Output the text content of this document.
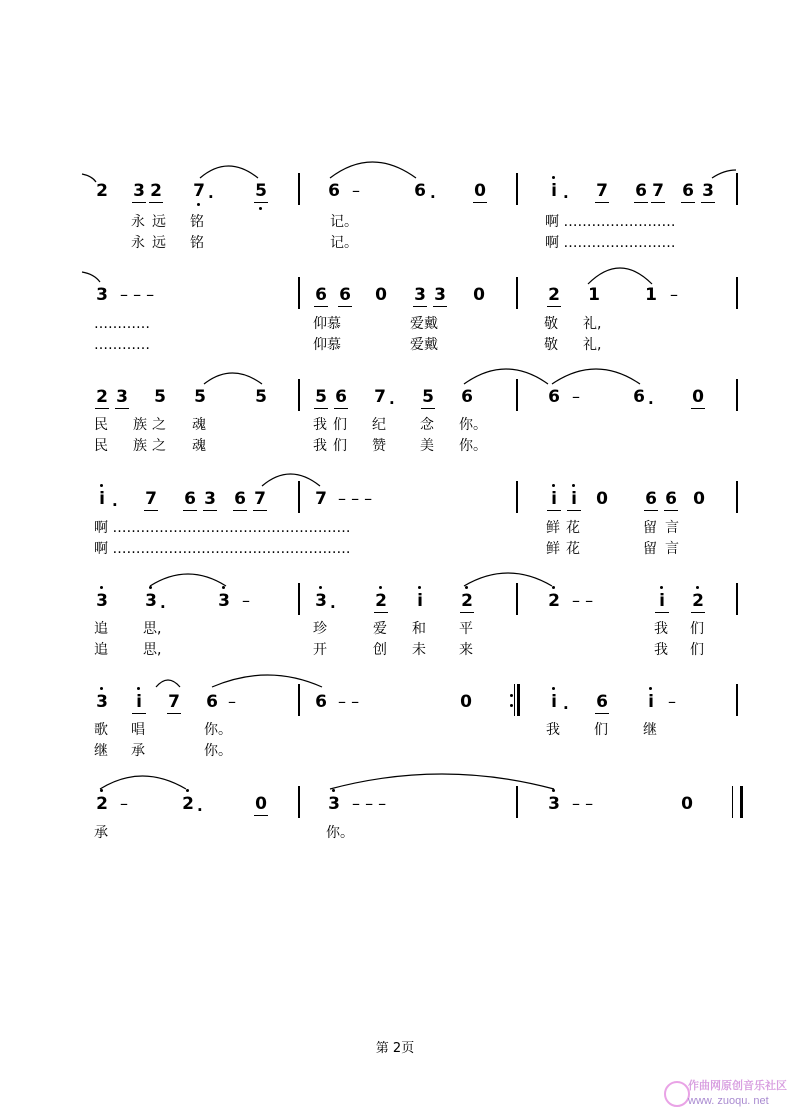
2 3 2 7 · 5	6 –	6 · 0	i · 7 6 7 6 3
永 远 铭	记。	啊 ……………………
永 远 铭	记。	啊 ……………………
3 – – –	6 6 0 3 3 0	2 1	1 –
…………	仰慕	爱戴	敬 礼,
…………	仰慕	爱戴	敬 礼,
2 3 5 5	5	5 6 7 · 5 6	6 –	6 · 0
民 族 之 魂	我 们 纪 念 你。
民 族 之 魂	我 们 赞 美 你。
i · 7 6 3 6 7	7 – – –	i i 0 6 6 0
啊 ……………………………………………	鲜 花	留 言
啊 ……………………………………………	鲜 花	留 言
3 3 ·	3 –	3 · 2 i 2	2 – –	i 2
追	思,	珍	爱 和 平	我 们
追	思,	开	创 未 来	我 们
3 i 7 6 –	6 – –	0	i · 6 i –
歌 唱	你。	我 们	继
继 承	你。
2 –	2 ·	0	3 – – –	3 – –	0
承	你。
第 2页
作曲网原创音乐社区
www. zuoqu. net
